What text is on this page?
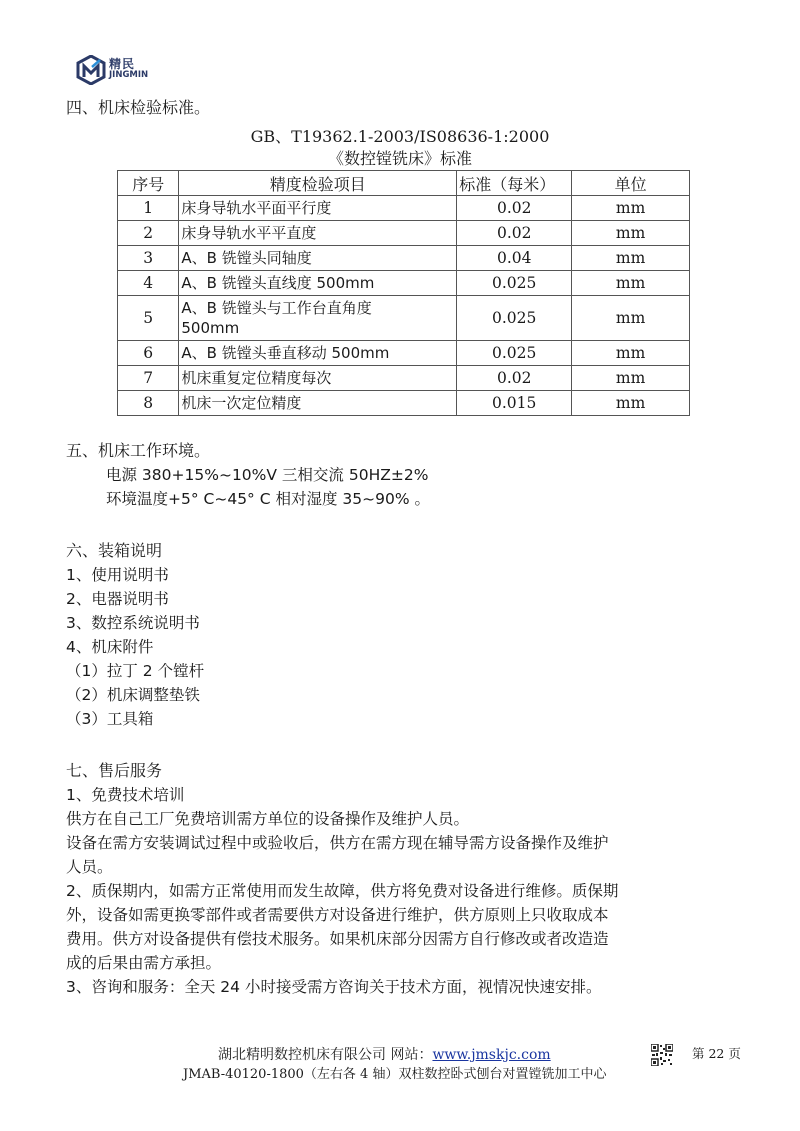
精民
JINGMIN
四、机床检验标准。
GB、T19362.1-2003/IS08636-1:2000
《数控镗铣床》标准
序号	精度检验项目	标准（每米）	单位
1	床身导轨水平面平行度	0.02	mm
2	床身导轨水平平直度	0.02	mm
3	A、B 铣镗头同轴度	0.04	mm
4	A、B 铣镗头直线度 500mm	0.025	mm
5	A、B 铣镗头与工作台直角度 500mm	0.025	mm
6	A、B 铣镗头垂直移动 500mm	0.025	mm
7	机床重复定位精度每次	0.02	mm
8	机床一次定位精度	0.015	mm
五、机床工作环境。
电源 380+15%~10%V 三相交流 50HZ±2%
环境温度+5° C~45° C 相对湿度 35~90% 。
六、装箱说明
1、使用说明书
2、电器说明书
3、数控系统说明书
4、机床附件
（1）拉丁 2 个镗杆
（2）机床调整垫铁
（3）工具箱
七、售后服务
1、免费技术培训
供方在自己工厂免费培训需方单位的设备操作及维护人员。
设备在需方安装调试过程中或验收后，供方在需方现在辅导需方设备操作及维护
人员。
2、质保期内，如需方正常使用而发生故障，供方将免费对设备进行维修。质保期
外，设备如需更换零部件或者需要供方对设备进行维护，供方原则上只收取成本
费用。供方对设备提供有偿技术服务。如果机床部分因需方自行修改或者改造造
成的后果由需方承担。
3、咨询和服务：全天 24 小时接受需方咨询关于技术方面，视情况快速安排。
湖北精明数控机床有限公司 网站：www.jmskjc.com
JMAB-40120-1800（左右各 4 轴）双柱数控卧式刨台对置镗铣加工中心
第 22 页
